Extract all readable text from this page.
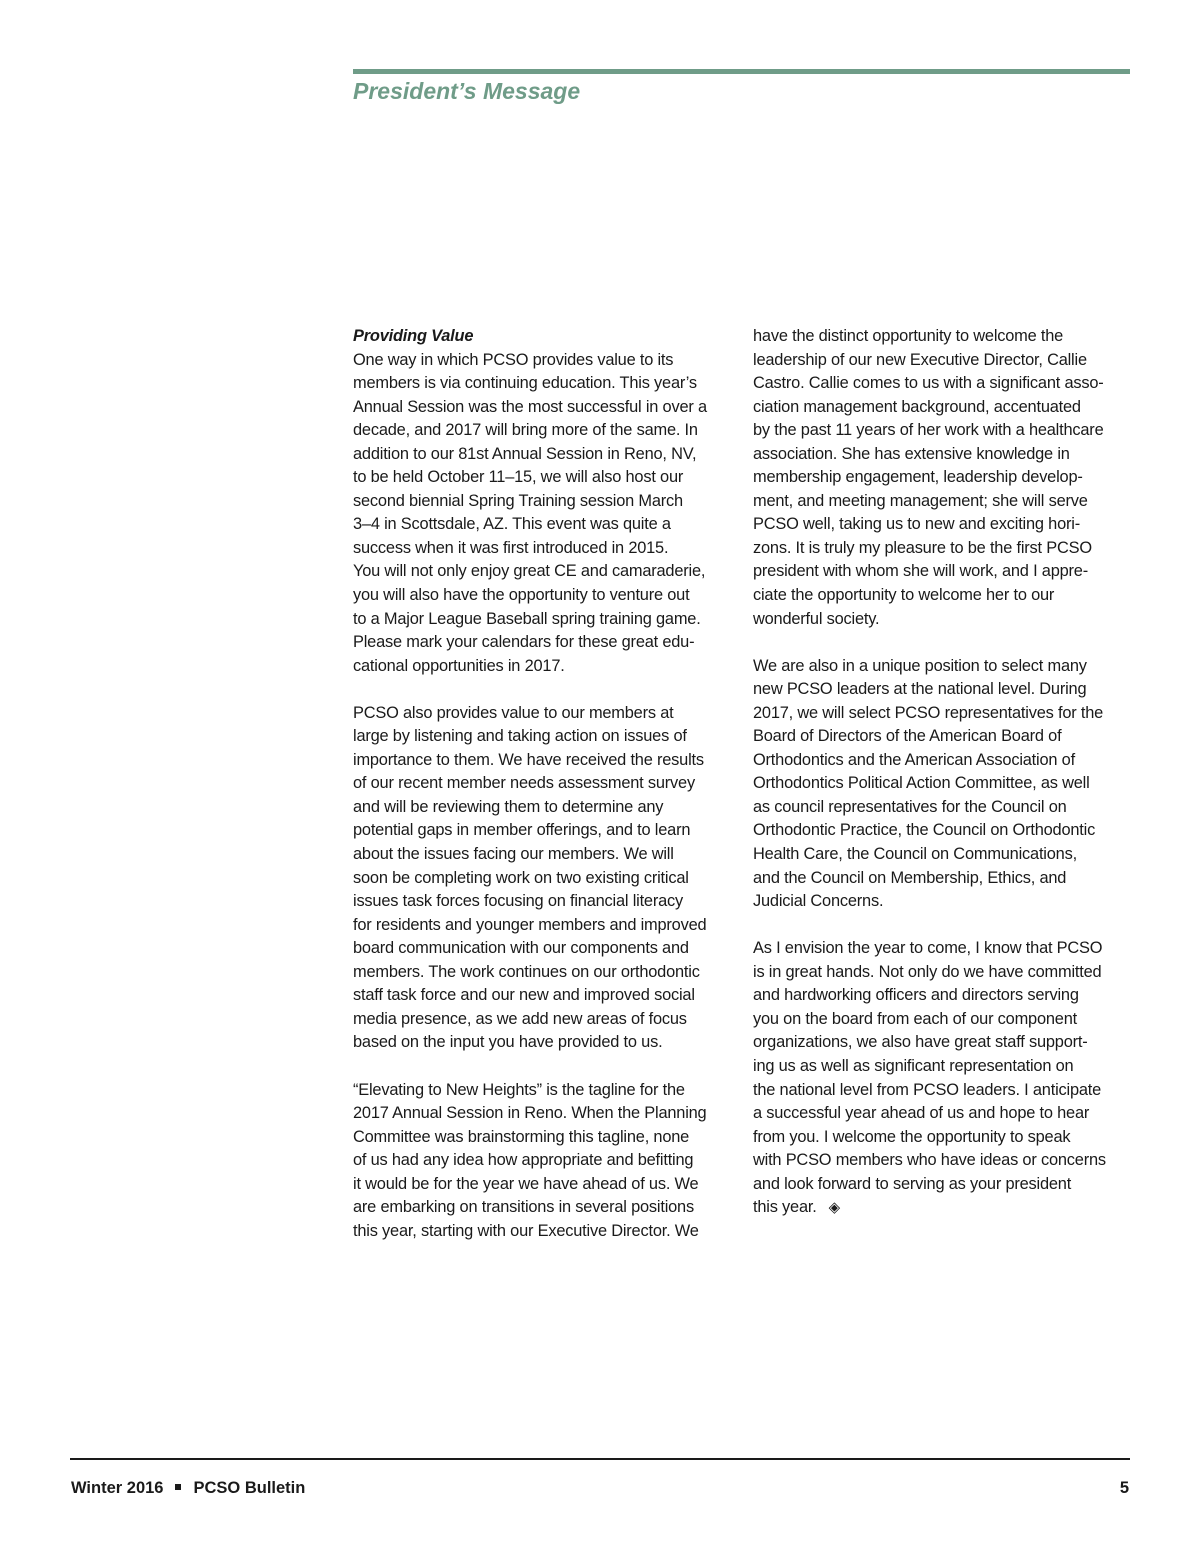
President’s Message
Providing Value
One way in which PCSO provides value to its
members is via continuing education. This year’s
Annual Session was the most successful in over a
decade, and 2017 will bring more of the same. In
addition to our 81st Annual Session in Reno, NV,
to be held October 11–15, we will also host our
second biennial Spring Training session March
3–4 in Scottsdale, AZ. This event was quite a
success when it was first introduced in 2015.
You will not only enjoy great CE and camaraderie,
you will also have the opportunity to venture out
to a Major League Baseball spring training game.
Please mark your calendars for these great edu-
cational opportunities in 2017.
PCSO also provides value to our members at
large by listening and taking action on issues of
importance to them. We have received the results
of our recent member needs assessment survey
and will be reviewing them to determine any
potential gaps in member offerings, and to learn
about the issues facing our members. We will
soon be completing work on two existing critical
issues task forces focusing on financial literacy
for residents and younger members and improved
board communication with our components and
members. The work continues on our orthodontic
staff task force and our new and improved social
media presence, as we add new areas of focus
based on the input you have provided to us.
“Elevating to New Heights” is the tagline for the
2017 Annual Session in Reno. When the Planning
Committee was brainstorming this tagline, none
of us had any idea how appropriate and befitting
it would be for the year we have ahead of us. We
are embarking on transitions in several positions
this year, starting with our Executive Director. We
have the distinct opportunity to welcome the
leadership of our new Executive Director, Callie
Castro. Callie comes to us with a significant asso-
ciation management background, accentuated
by the past 11 years of her work with a healthcare
association. She has extensive knowledge in
membership engagement, leadership develop-
ment, and meeting management; she will serve
PCSO well, taking us to new and exciting hori-
zons. It is truly my pleasure to be the first PCSO
president with whom she will work, and I appre-
ciate the opportunity to welcome her to our
wonderful society.
We are also in a unique position to select many
new PCSO leaders at the national level. During
2017, we will select PCSO representatives for the
Board of Directors of the American Board of
Orthodontics and the American Association of
Orthodontics Political Action Committee, as well
as council representatives for the Council on
Orthodontic Practice, the Council on Orthodontic
Health Care, the Council on Communications,
and the Council on Membership, Ethics, and
Judicial Concerns.
As I envision the year to come, I know that PCSO
is in great hands. Not only do we have committed
and hardworking officers and directors serving
you on the board from each of our component
organizations, we also have great staff support-
ing us as well as significant representation on
the national level from PCSO leaders. I anticipate
a successful year ahead of us and hope to hear
from you. I welcome the opportunity to speak
with PCSO members who have ideas or concerns
and look forward to serving as your president
this year. ◈
Winter 2016 PCSO Bulletin	5
